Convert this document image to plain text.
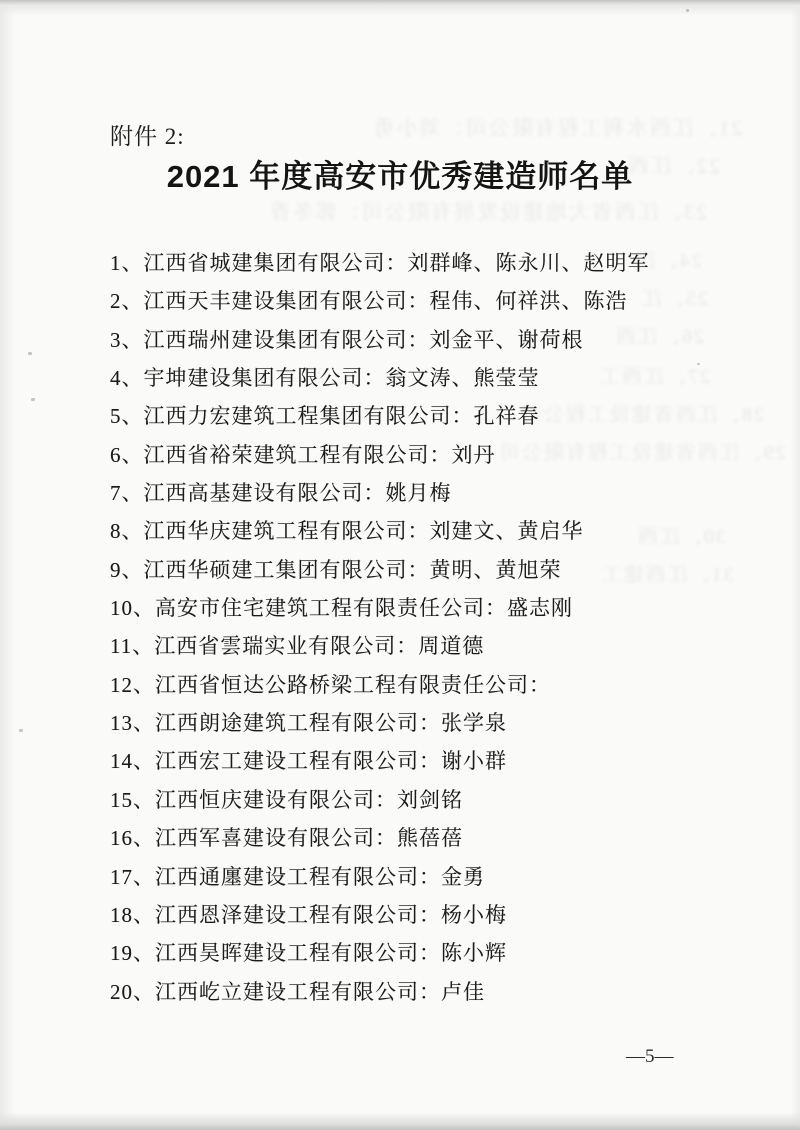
21、江西水利工程有限公司：刘小勇
22、江西
23、江西省大地建设发展有限公司：郭冬香
24、江
25、江
26、江西
27、江西工
28、江西省建设工程公司
29、江西省建设工程有限公司
30、江西
31、江西建工
附件 2:
2021 年度高安市优秀建造师名单
1、江西省城建集团有限公司：刘群峰、陈永川、赵明军
2、江西天丰建设集团有限公司：程伟、何祥洪、陈浩
3、江西瑞州建设集团有限公司：刘金平、谢荷根
4、宇坤建设集团有限公司：翁文涛、熊莹莹
5、江西力宏建筑工程集团有限公司：孔祥春
6、江西省裕荣建筑工程有限公司：刘丹
7、江西高基建设有限公司：姚月梅
8、江西华庆建筑工程有限公司：刘建文、黄启华
9、江西华硕建工集团有限公司：黄明、黄旭荣
10、高安市住宅建筑工程有限责任公司：盛志刚
11、江西省雲瑞实业有限公司：周道德
12、江西省恒达公路桥梁工程有限责任公司：
13、江西朗途建筑工程有限公司：张学泉
14、江西宏工建设工程有限公司：谢小群
15、江西恒庆建设有限公司：刘剑铭
16、江西军喜建设有限公司：熊蓓蓓
17、江西通廛建设工程有限公司：金勇
18、江西恩泽建设工程有限公司：杨小梅
19、江西昊晖建设工程有限公司：陈小辉
20、江西屹立建设工程有限公司：卢佳
—5—
